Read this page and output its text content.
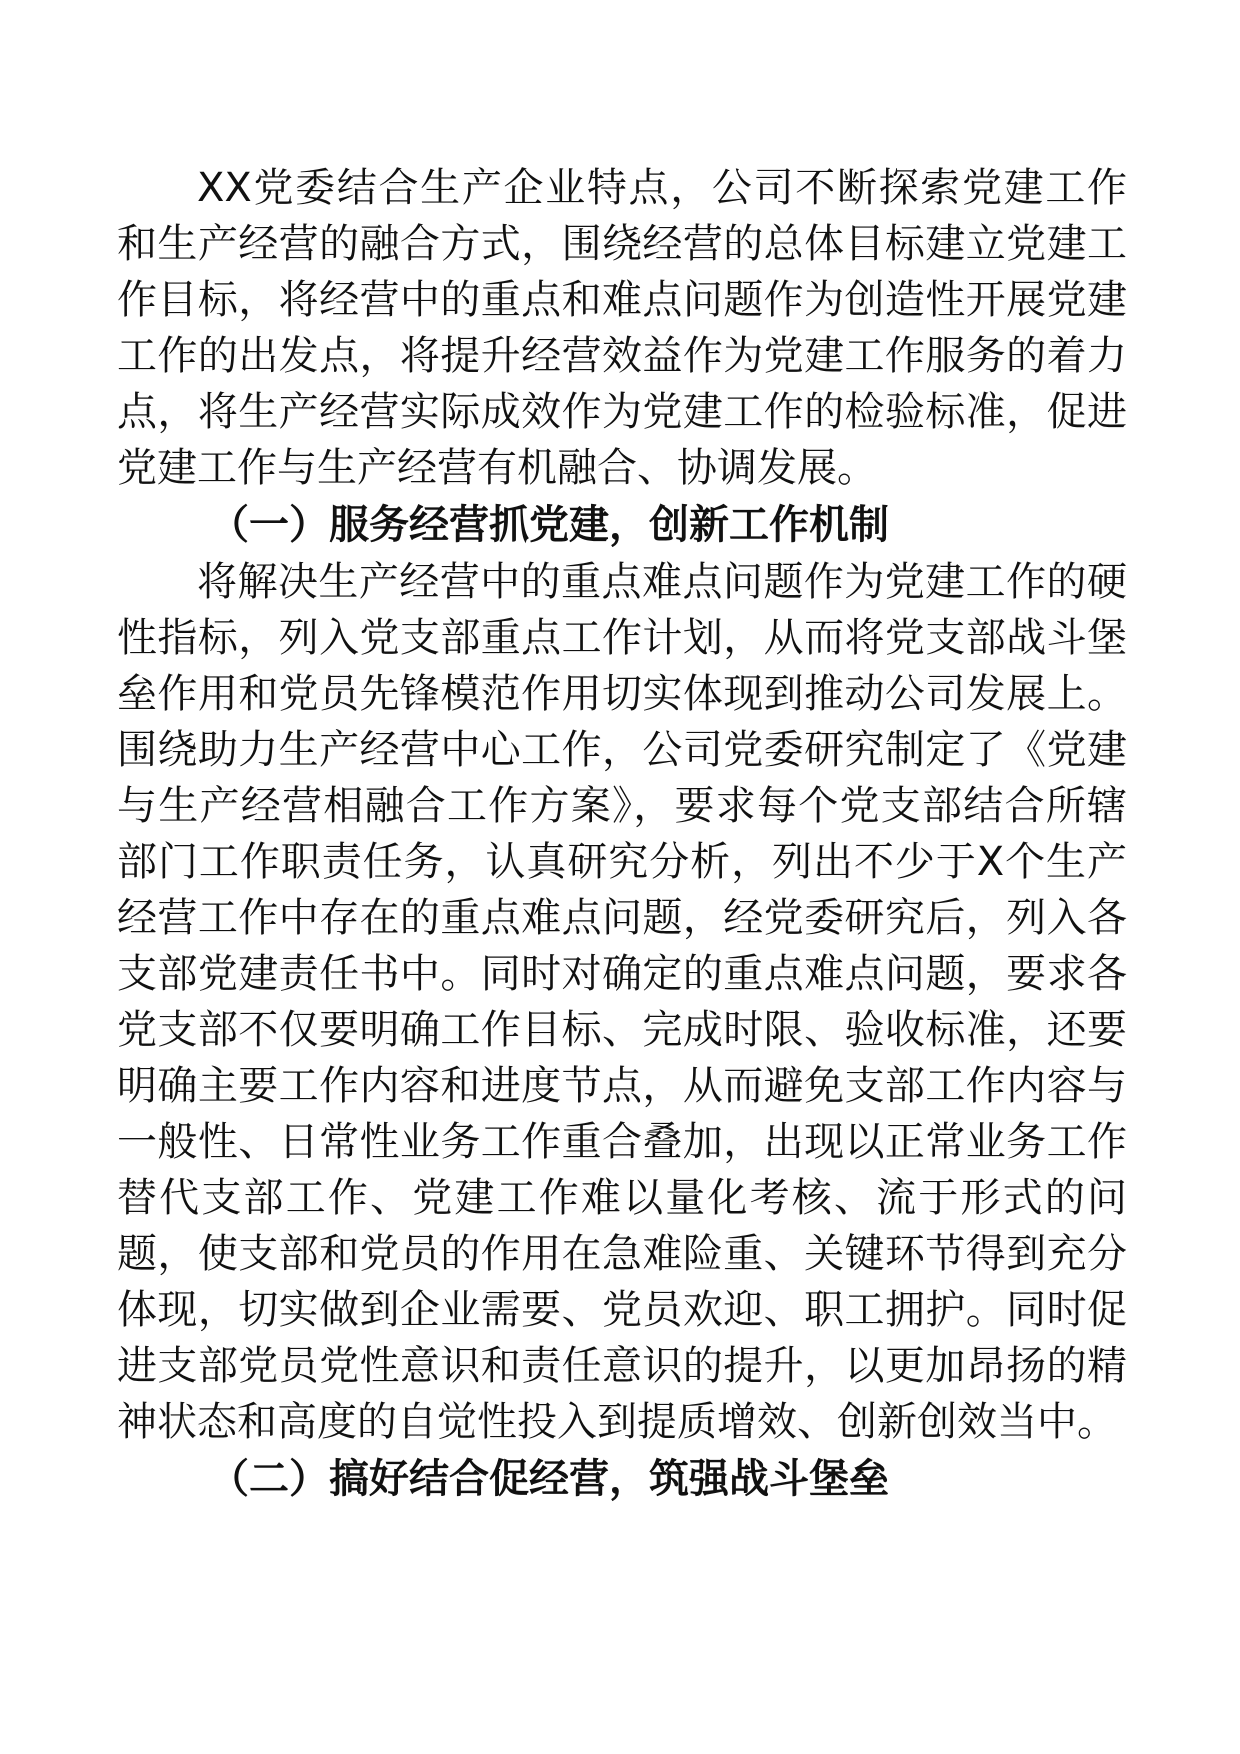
XX党委结合生产企业特点，公司不断探索党建工作和生产经营的融合方式，围绕经营的总体目标建立党建工作目标，将经营中的重点和难点问题作为创造性开展党建工作的出发点，将提升经营效益作为党建工作服务的着力点，将生产经营实际成效作为党建工作的检验标准，促进党建工作与生产经营有机融合、协调发展。

（一）服务经营抓党建，创新工作机制

将解决生产经营中的重点难点问题作为党建工作的硬性指标，列入党支部重点工作计划，从而将党支部战斗堡垒作用和党员先锋模范作用切实体现到推动公司发展上。围绕助力生产经营中心工作，公司党委研究制定了《党建与生产经营相融合工作方案》，要求每个党支部结合所辖部门工作职责任务，认真研究分析，列出不少于X个生产经营工作中存在的重点难点问题，经党委研究后，列入各支部党建责任书中。同时对确定的重点难点问题，要求各党支部不仅要明确工作目标、完成时限、验收标准，还要明确主要工作内容和进度节点，从而避免支部工作内容与一般性、日常性业务工作重合叠加，出现以正常业务工作替代支部工作、党建工作难以量化考核、流于形式的问题，使支部和党员的作用在急难险重、关键环节得到充分体现，切实做到企业需要、党员欢迎、职工拥护。同时促进支部党员党性意识和责任意识的提升，以更加昂扬的精神状态和高度的自觉性投入到提质增效、创新创效当中。

（二）搞好结合促经营，筑强战斗堡垒
